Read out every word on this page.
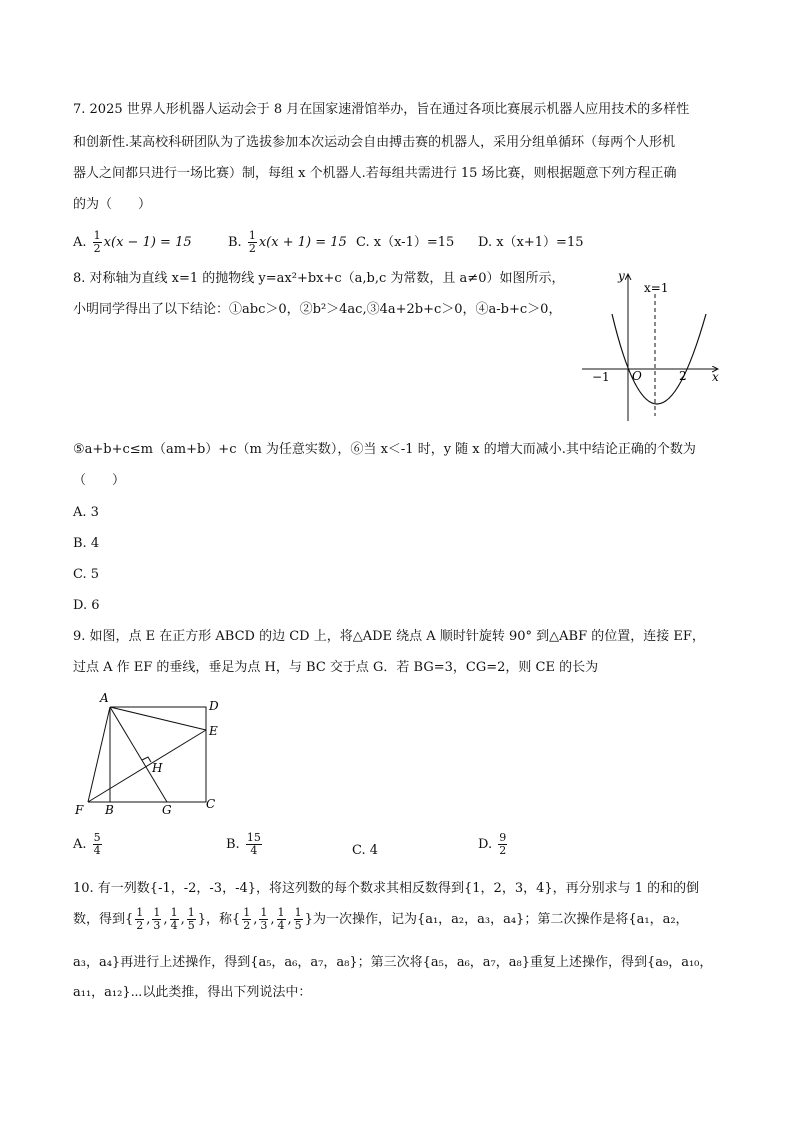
7. 2025 世界人形机器人运动会于 8 月在国家速滑馆举办，旨在通过各项比赛展示机器人应用技术的多样性
和创新性.某高校科研团队为了选拔参加本次运动会自由搏击赛的机器人，采用分组单循环（每两个人形机
器人之间都只进行一场比赛）制，每组 x 个机器人.若每组共需进行 15 场比赛，则根据题意下列方程正确
的为（　　）
A. $\frac{1}{2} x(x - 1) = 15$	B. $\frac{1}{2} x(x + 1) = 15$ C. x（x-1）=15 D. x（x+1）=15
8. 对称轴为直线 x=1 的抛物线 y=ax²+bx+c（a,b,c 为常数，且 a≠0）如图所示，
小明同学得出了以下结论：①abc＞0，②b²＞4ac,③4a+2b+c＞0，④a-b+c＞0，
y
x
x=1
O
−1	2
⑤a+b+c≤m（am+b）+c（m 为任意实数），⑥当 x＜-1 时，y 随 x 的增大而减小.其中结论正确的个数为
（　　）
A. 3
B. 4
C. 5
D. 6
9. 如图，点 E 在正方形 ABCD 的边 CD 上，将△ADE 绕点 A 顺时针旋转 90° 到△ABF 的位置，连接 EF，
过点 A 作 EF 的垂线，垂足为点 H，与 BC 交于点 G．若 BG=3，CG=2，则 CE 的长为
A
D
E
H
F B	G	C
A. $\frac{5}{4}$	B. $\frac{15}{4}$	C. 4	D. $\frac{9}{2}$
10. 有一列数{-1，-2，-3，-4}，将这列数的每个数求其相反数得到{1，2，3，4}，再分别求与 1 的和的倒
数，得到{ $\frac{1}{2}$ , $\frac{1}{3}$ , $\frac{1}{4}$ , $\frac{1}{5}$ }，称{ $\frac{1}{2}$ , $\frac{1}{3}$ , $\frac{1}{4}$ , $\frac{1}{5}$ }为一次操作，记为{a₁，a₂，a₃，a₄}；第二次操作是将{a₁，a₂，
a₃，a₄}再进行上述操作，得到{a₅，a₆，a₇，a₈}；第三次将{a₅，a₆，a₇，a₈}重复上述操作，得到{a₉，a₁₀，
a₁₁，a₁₂}⋯以此类推，得出下列说法中：
